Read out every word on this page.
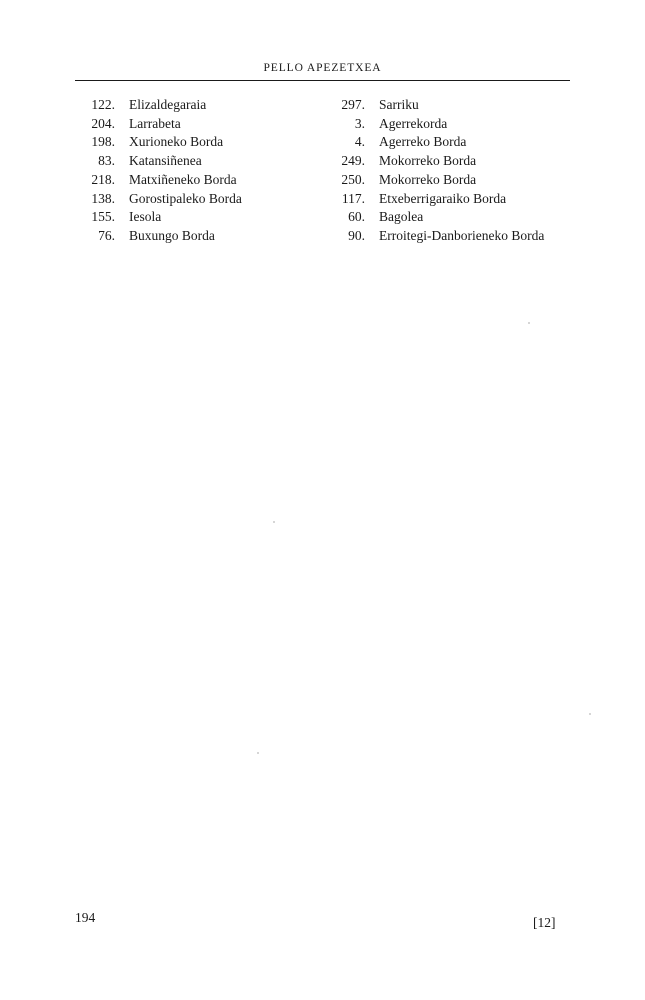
PELLO APEZETXEA
122.	Elizaldegaraia
204.	Larrabeta
198.	Xurioneko Borda
83.	Katansiñenea
218.	Matxiñeneko Borda
138.	Gorostipaleko Borda
155.	Iesola
76.	Buxungo Borda
297.	Sarriku
3.	Agerrekorda
4.	Agerreko Borda
249.	Mokorreko Borda
250.	Mokorreko Borda
117.	Etxeberrigaraiko Borda
60.	Bagolea
90.	Erroitegi-Danborieneko Borda
194	[12]
